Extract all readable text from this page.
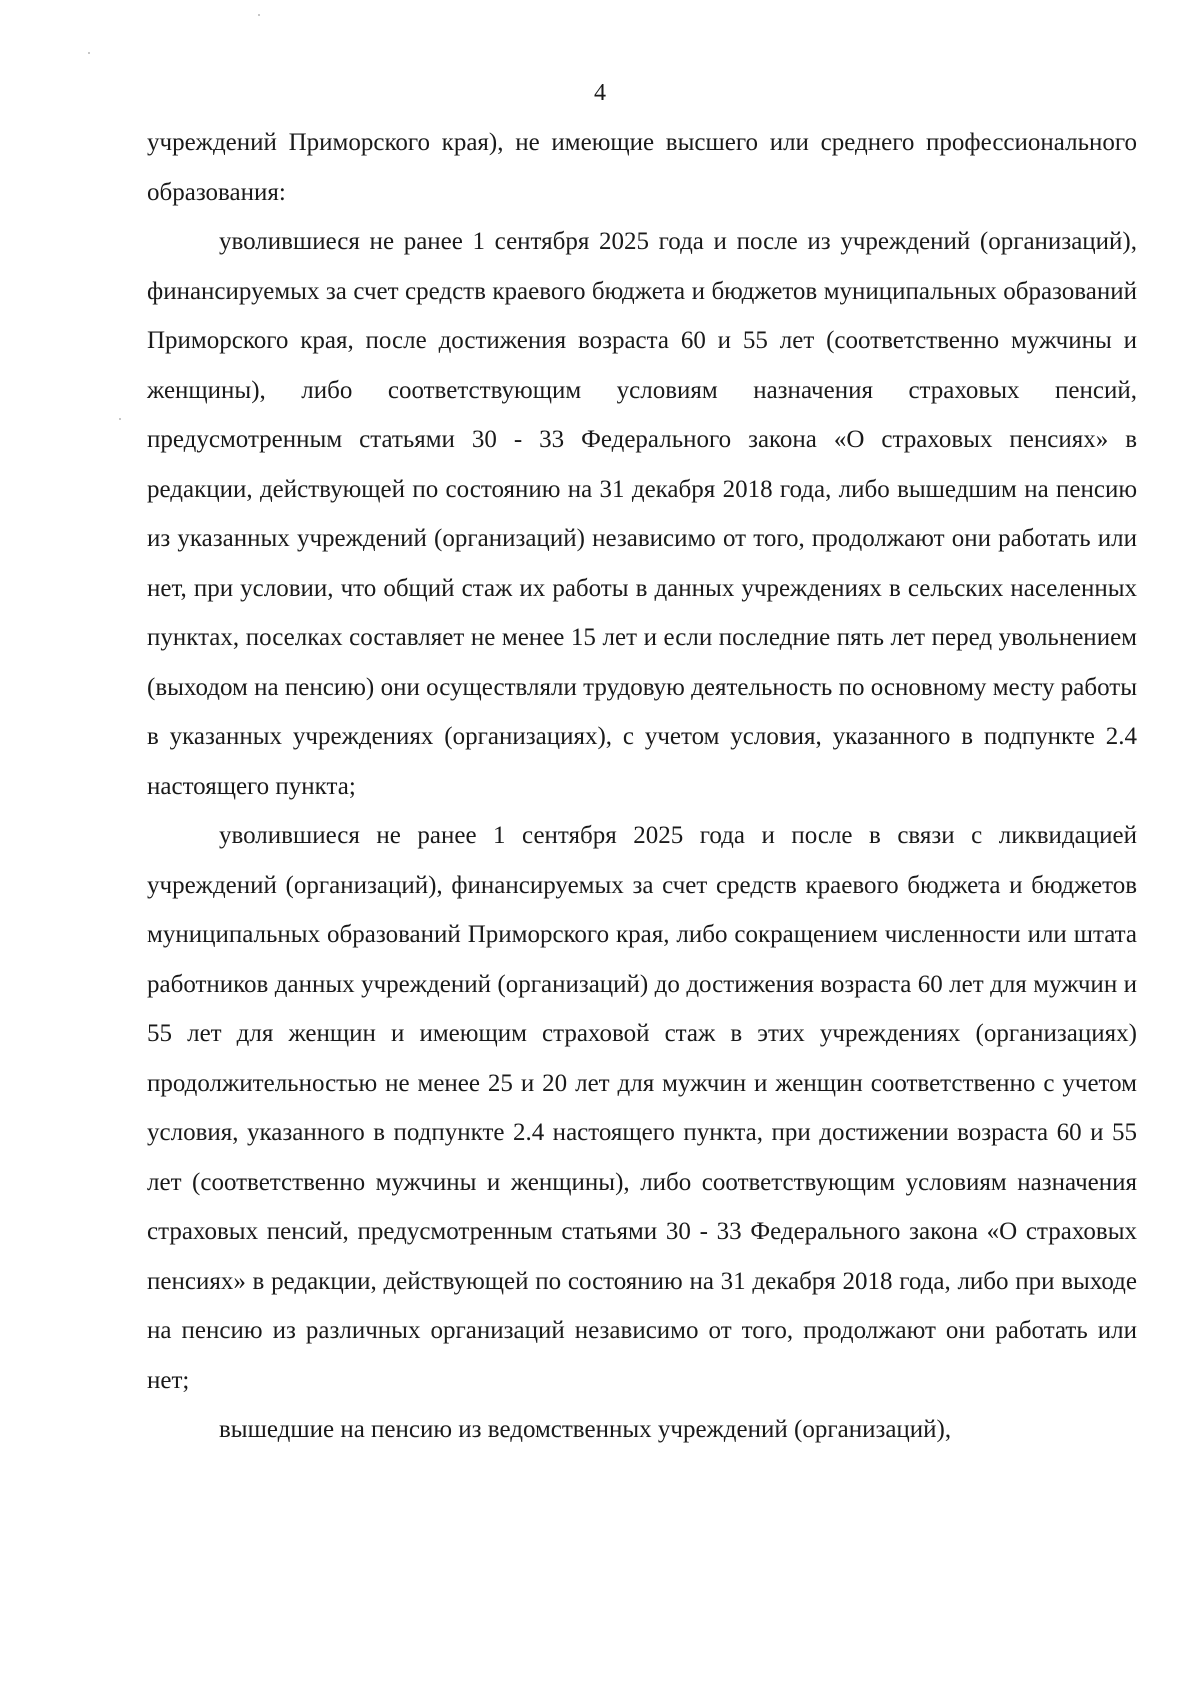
4

учреждений Приморского края), не имеющие высшего или среднего профессионального образования:

уволившиеся не ранее 1 сентября 2025 года и после из учреждений (организаций), финансируемых за счет средств краевого бюджета и бюджетов муниципальных образований Приморского края, после достижения возраста 60 и 55 лет (соответственно мужчины и женщины), либо соответствующим условиям назначения страховых пенсий, предусмотренным статьями 30 - 33 Федерального закона «О страховых пенсиях» в редакции, действующей по состоянию на 31 декабря 2018 года, либо вышедшим на пенсию из указанных учреждений (организаций) независимо от того, продолжают они работать или нет, при условии, что общий стаж их работы в данных учреждениях в сельских населенных пунктах, поселках составляет не менее 15 лет и если последние пять лет перед увольнением (выходом на пенсию) они осуществляли трудовую деятельность по основному месту работы в указанных учреждениях (организациях), с учетом условия, указанного в подпункте 2.4 настоящего пункта;

уволившиеся не ранее 1 сентября 2025 года и после в связи с ликвидацией учреждений (организаций), финансируемых за счет средств краевого бюджета и бюджетов муниципальных образований Приморского края, либо сокращением численности или штата работников данных учреждений (организаций) до достижения возраста 60 лет для мужчин и 55 лет для женщин и имеющим страховой стаж в этих учреждениях (организациях) продолжительностью не менее 25 и 20 лет для мужчин и женщин соответственно с учетом условия, указанного в подпункте 2.4 настоящего пункта, при достижении возраста 60 и 55 лет (соответственно мужчины и женщины), либо соответствующим условиям назначения страховых пенсий, предусмотренным статьями 30 - 33 Федерального закона «О страховых пенсиях» в редакции, действующей по состоянию на 31 декабря 2018 года, либо при выходе на пенсию из различных организаций независимо от того, продолжают они работать или нет;

вышедшие на пенсию из ведомственных учреждений (организаций),
